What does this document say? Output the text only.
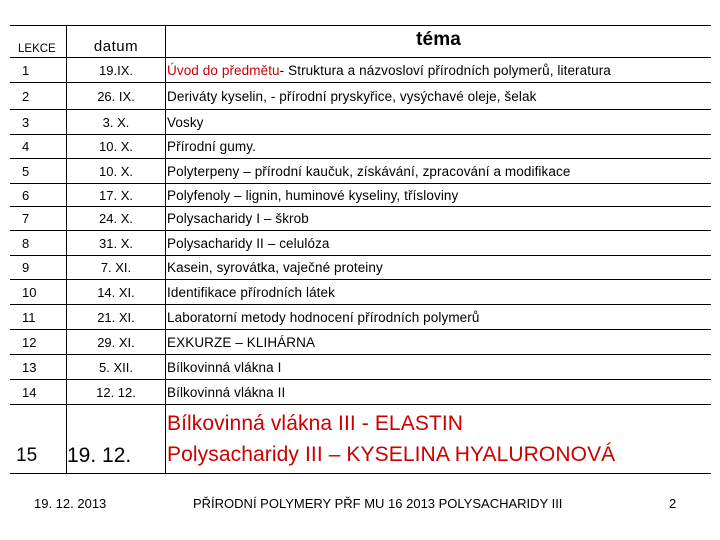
LEKCE	datum	téma
1	19.IX.	Úvod do předmětu - Struktura a názvosloví přírodních polymerů, literatura
2	26. IX.	Deriváty kyselin, - přírodní pryskyřice, vysýchavé oleje, šelak
3	3. X.	Vosky
4	10. X.	Přírodní gumy.
5	10. X.	Polyterpeny – přírodní kaučuk, získávání, zpracování a modifikace
6	17. X.	Polyfenoly – lignin, huminové kyseliny, třísloviny
7	24. X.	Polysacharidy I – škrob
8	31. X.	Polysacharidy II – celulóza
9	7. XI.	Kasein, syrovátka, vaječné proteiny
10	14. XI.	Identifikace přírodních látek
11	21. XI.	Laboratorní metody hodnocení přírodních polymerů
12	29. XI.	EXKURZE – KLIHÁRNA
13	5. XII.	Bílkovinná vlákna I
14	12. 12.	Bílkovinná vlákna II
15	19. 12.
Bílkovinná vlákna III - ELASTIN
Polysacharidy III – KYSELINA HYALURONOVÁ
19. 12. 2013	PŘÍRODNÍ POLYMERY PŘF MU 16 2013 POLYSACHARIDY III	2
